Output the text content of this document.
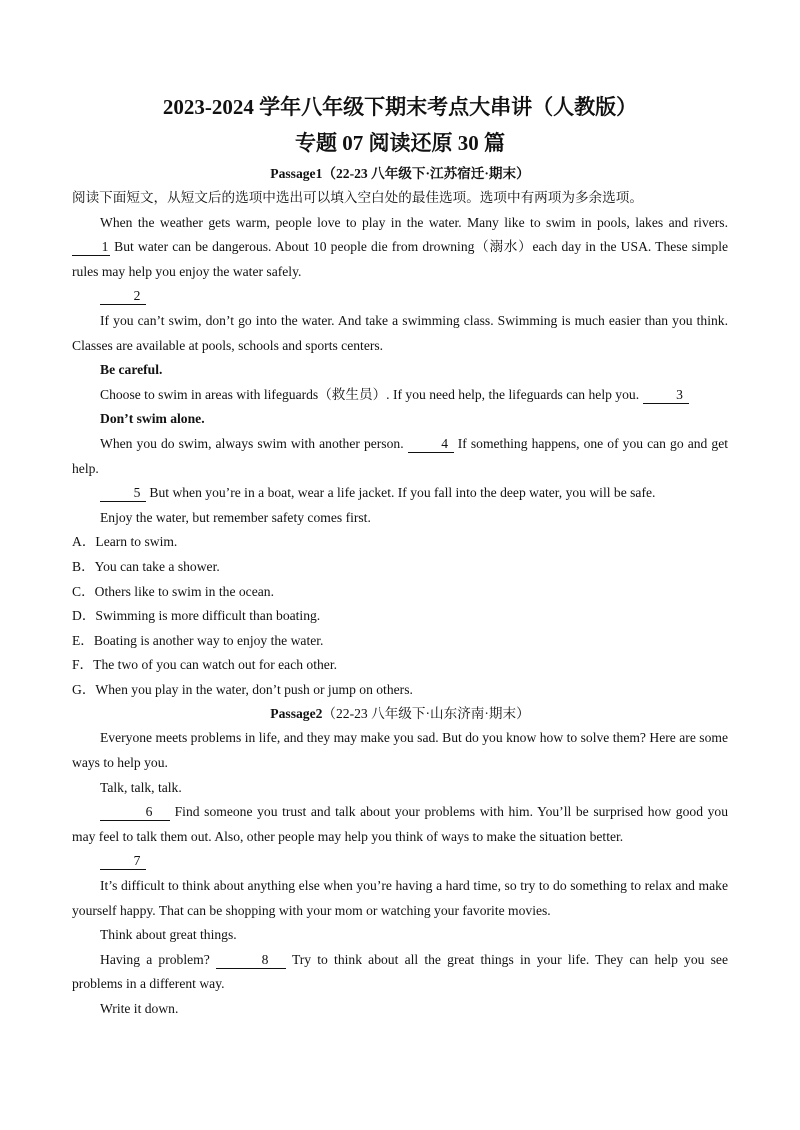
2023-2024 学年八年级下期末考点大串讲（人教版）
专题 07 阅读还原 30 篇
Passage1（22-23 八年级下·江苏宿迁·期末）

阅读下面短文，从短文后的选项中选出可以填入空白处的最佳选项。选项中有两项为多余选项。

When the weather gets warm, people love to play in the water. Many like to swim in pools, lakes and rivers. 1 But water can be dangerous. About 10 people die from drowning（溺水）each day in the USA. These simple rules may help you enjoy the water safely.

2

If you can’t swim, don’t go into the water. And take a swimming class. Swimming is much easier than you think. Classes are available at pools, schools and sports centers.

Be careful.

Choose to swim in areas with lifeguards（救生员）. If you need help, the lifeguards can help you.	3

Don’t swim alone.

When you do swim, always swim with another person.	4 If something happens, one of you can go and get help.

5 But when you’re in a boat, wear a life jacket. If you fall into the deep water, you will be safe.

Enjoy the water, but remember safety comes first.

A．Learn to swim.

B．You can take a shower.

C．Others like to swim in the ocean.

D．Swimming is more difficult than boating.

E．Boating is another way to enjoy the water.

F．The two of you can watch out for each other.

G．When you play in the water, don’t push or jump on others.

Passage2（22-23 八年级下·山东济南·期末）

Everyone meets problems in life, and they may make you sad. But do you know how to solve them? Here are some ways to help you.

Talk, talk, talk.

6 Find someone you trust and talk about your problems with him. You’ll be surprised how good you may feel to talk them out. Also, other people may help you think of ways to make the situation better.

7

It’s difficult to think about anything else when you’re having a hard time, so try to do something to relax and make yourself happy. That can be shopping with your mom or watching your favorite movies.

Think about great things.

Having a problem?	8 Try to think about all the great things in your life. They can help you see problems in a different way.

Write it down.
